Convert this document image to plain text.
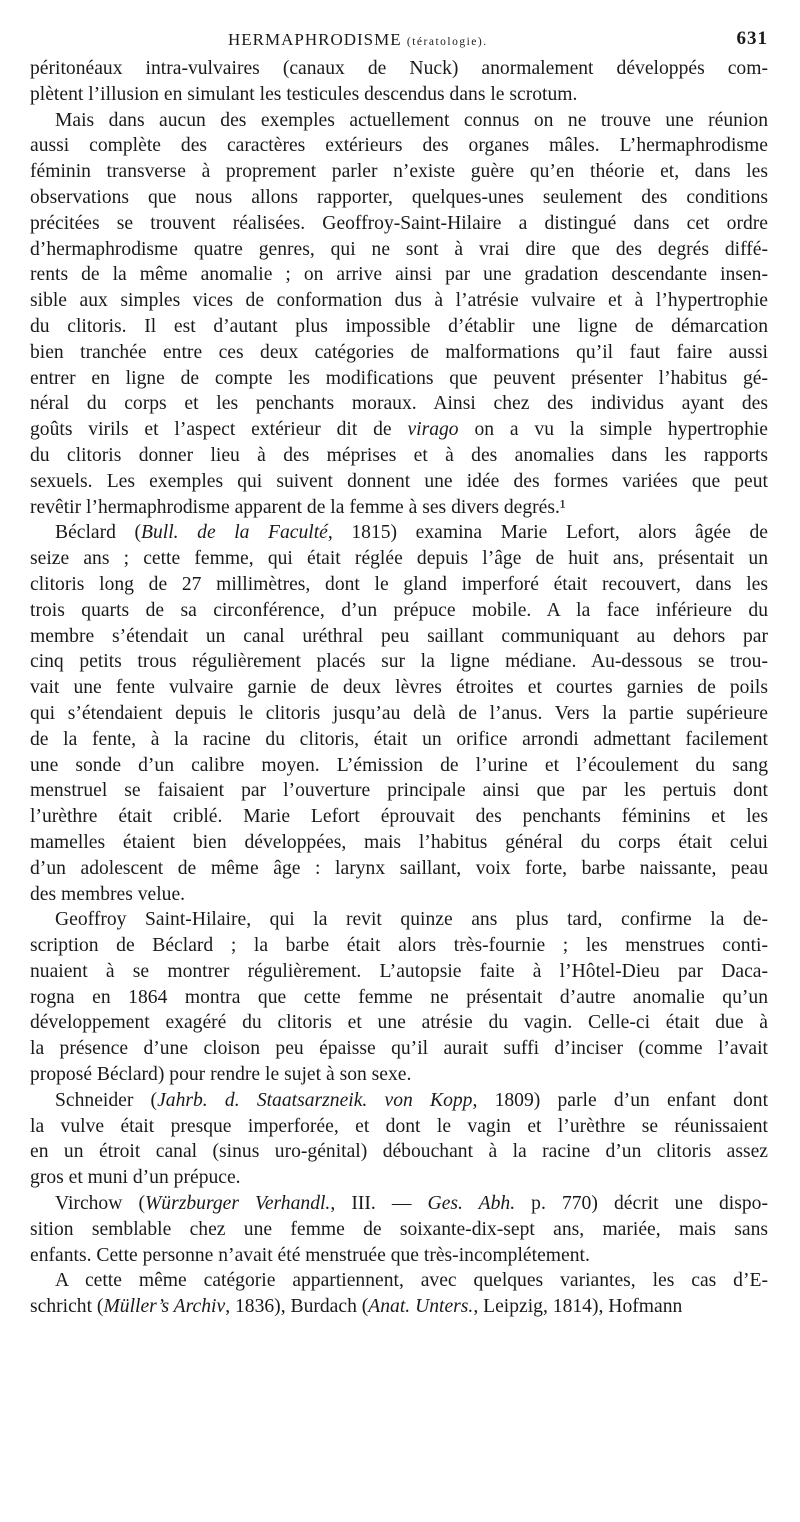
HERMAPHRODISME (tératologie).	631
péritonéaux intra-vulvaires (canaux de Nuck) anormalement développés com-
plètent l’illusion en simulant les testicules descendus dans le scrotum.
Mais dans aucun des exemples actuellement connus on ne trouve une réunion
aussi complète des caractères extérieurs des organes mâles. L’hermaphrodisme
féminin transverse à proprement parler n’existe guère qu’en théorie et, dans les
observations que nous allons rapporter, quelques-unes seulement des conditions
précitées se trouvent réalisées. Geoffroy-Saint-Hilaire a distingué dans cet ordre
d’hermaphrodisme quatre genres, qui ne sont à vrai dire que des degrés diffé-
rents de la même anomalie ; on arrive ainsi par une gradation descendante insen-
sible aux simples vices de conformation dus à l’atrésie vulvaire et à l’hypertrophie
du clitoris. Il est d’autant plus impossible d’établir une ligne de démarcation
bien tranchée entre ces deux catégories de malformations qu’il faut faire aussi
entrer en ligne de compte les modifications que peuvent présenter l’habitus gé-
néral du corps et les penchants moraux. Ainsi chez des individus ayant des
goûts virils et l’aspect extérieur dit de virago on a vu la simple hypertrophie
du clitoris donner lieu à des méprises et à des anomalies dans les rapports
sexuels. Les exemples qui suivent donnent une idée des formes variées que peut
revêtir l’hermaphrodisme apparent de la femme à ses divers degrés.¹
Béclard (Bull. de la Faculté, 1815) examina Marie Lefort, alors âgée de
seize ans ; cette femme, qui était réglée depuis l’âge de huit ans, présentait un
clitoris long de 27 millimètres, dont le gland imperforé était recouvert, dans les
trois quarts de sa circonférence, d’un prépuce mobile. A la face inférieure du
membre s’étendait un canal uréthral peu saillant communiquant au dehors par
cinq petits trous régulièrement placés sur la ligne médiane. Au-dessous se trou-
vait une fente vulvaire garnie de deux lèvres étroites et courtes garnies de poils
qui s’étendaient depuis le clitoris jusqu’au delà de l’anus. Vers la partie supérieure
de la fente, à la racine du clitoris, était un orifice arrondi admettant facilement
une sonde d’un calibre moyen. L’émission de l’urine et l’écoulement du sang
menstruel se faisaient par l’ouverture principale ainsi que par les pertuis dont
l’urèthre était criblé. Marie Lefort éprouvait des penchants féminins et les
mamelles étaient bien développées, mais l’habitus général du corps était celui
d’un adolescent de même âge : larynx saillant, voix forte, barbe naissante, peau
des membres velue.
Geoffroy Saint-Hilaire, qui la revit quinze ans plus tard, confirme la de-
scription de Béclard ; la barbe était alors très-fournie ; les menstrues conti-
nuaient à se montrer régulièrement. L’autopsie faite à l’Hôtel-Dieu par Daca-
rogna en 1864 montra que cette femme ne présentait d’autre anomalie qu’un
développement exagéré du clitoris et une atrésie du vagin. Celle-ci était due à
la présence d’une cloison peu épaisse qu’il aurait suffi d’inciser (comme l’avait
proposé Béclard) pour rendre le sujet à son sexe.
Schneider (Jahrb. d. Staatsarzneik. von Kopp, 1809) parle d’un enfant dont
la vulve était presque imperforée, et dont le vagin et l’urèthre se réunissaient
en un étroit canal (sinus uro-génital) débouchant à la racine d’un clitoris assez
gros et muni d’un prépuce.
Virchow (Würzburger Verhandl., III. — Ges. Abh. p. 770) décrit une dispo-
sition semblable chez une femme de soixante-dix-sept ans, mariée, mais sans
enfants. Cette personne n’avait été menstruée que très-incomplétement.
A cette même catégorie appartiennent, avec quelques variantes, les cas d’E-
schricht (Müller’s Archiv, 1836), Burdach (Anat. Unters., Leipzig, 1814), Hofmann
